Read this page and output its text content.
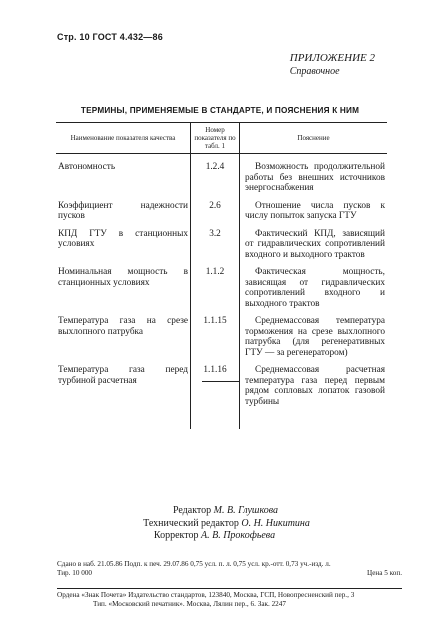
Стр. 10 ГОСТ 4.432—86
ПРИЛОЖЕНИЕ 2
Справочное
ТЕРМИНЫ, ПРИМЕНЯЕМЫЕ В СТАНДАРТЕ, И ПОЯСНЕНИЯ К НИМ
Наименование показателя качества	Номер показателя по табл. 1	Пояснение
Автономность	1.2.4	Возможность продолжительной работы без внешних источников энергоснабжения
Коэффициент надежности пусков	2.6	Отношение числа пусков к числу попыток запуска ГТУ
КПД ГТУ в станционных условиях	3.2	Фактический КПД, зависящий от гидравлических сопротивлений входного и выходного трактов
Номинальная мощность в станционных условиях	1.1.2	Фактическая мощность, зависящая от гидравлических сопротивлений входного и выходного трактов
Температура газа на срезе выхлопного патрубка	1.1.15	Среднемассовая температура торможения на срезе выхлопного патрубка (для регенеративных ГТУ — за регенератором)
Температура газа перед турбиной расчетная	1.1.16	Среднемассовая расчетная температура газа перед первым рядом сопловых лопаток газовой турбины
Редактор М. В. Глушкова
Технический редактор О. Н. Никитина
Корректор А. В. Прокофьева
Сдано в наб. 21.05.86 Подп. к печ. 29.07.86 0,75 усл. п. л. 0,75 усл. кр.-отт. 0,73 уч.-изд. л.
Тир. 10 000	Цена 5 коп.
Ордена «Знак Почета» Издательство стандартов, 123840, Москва, ГСП, Новопресненский пер., 3
Тип. «Московский печатник». Москва, Лялин пер., 6. Зак. 2247
